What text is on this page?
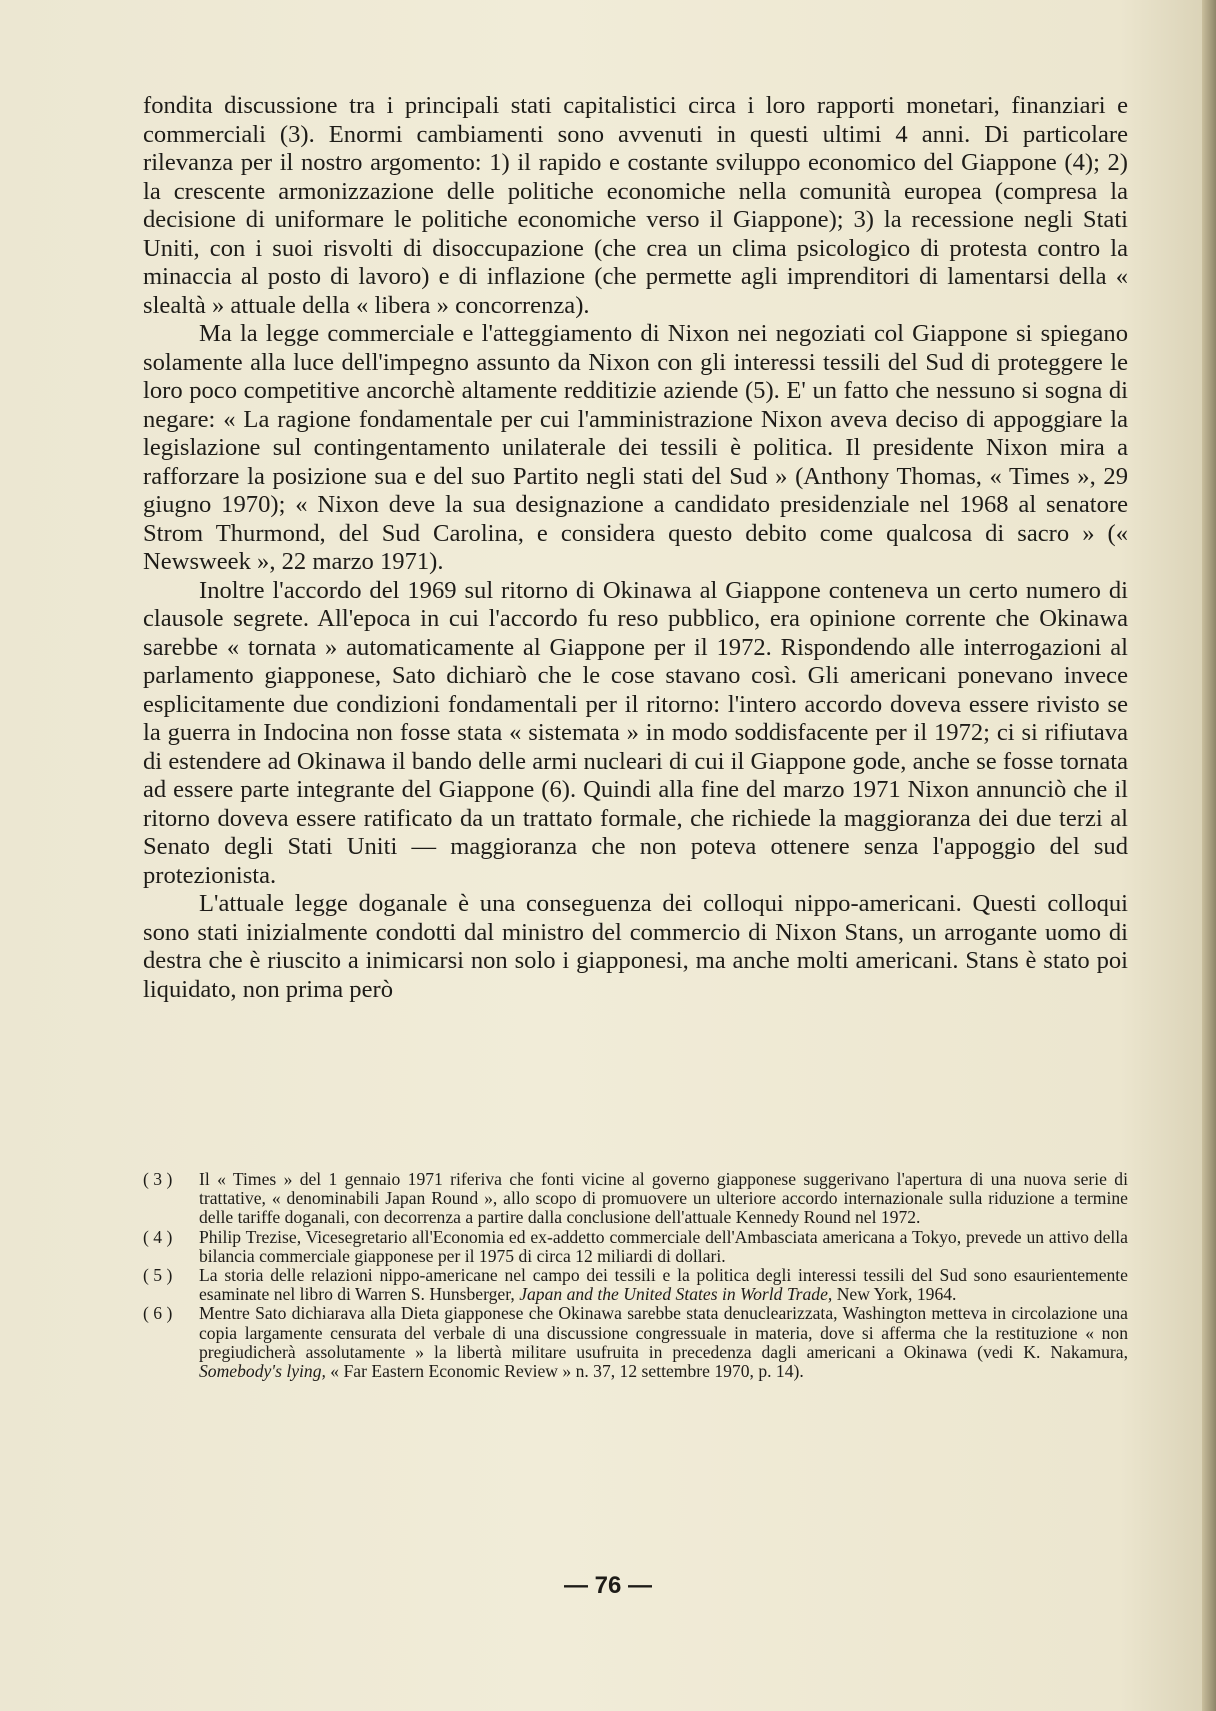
fondita discussione tra i principali stati capitalistici circa i loro rapporti monetari, finanziari e commerciali (3). Enormi cambiamenti sono avvenuti in questi ultimi 4 anni. Di particolare rilevanza per il nostro argomento: 1) il rapido e costante sviluppo economico del Giappone (4); 2) la crescente armonizzazione delle politiche economiche nella comunità europea (compresa la decisione di uniformare le politiche economiche verso il Giappone); 3) la recessione negli Stati Uniti, con i suoi risvolti di disoccupazione (che crea un clima psicologico di protesta contro la minaccia al posto di lavoro) e di inflazione (che permette agli imprenditori di lamentarsi della « slealtà » attuale della « libera » concorrenza).

Ma la legge commerciale e l'atteggiamento di Nixon nei negoziati col Giappone si spiegano solamente alla luce dell'impegno assunto da Nixon con gli interessi tessili del Sud di proteggere le loro poco competitive ancorchè altamente redditizie aziende (5). E' un fatto che nessuno si sogna di negare: « La ragione fondamentale per cui l'amministrazione Nixon aveva deciso di appoggiare la legislazione sul contingentamento unilaterale dei tessili è politica. Il presidente Nixon mira a rafforzare la posizione sua e del suo Partito negli stati del Sud » (Anthony Thomas, « Times », 29 giugno 1970); « Nixon deve la sua designazione a candidato presidenziale nel 1968 al senatore Strom Thurmond, del Sud Carolina, e considera questo debito come qualcosa di sacro » (« Newsweek », 22 marzo 1971).

Inoltre l'accordo del 1969 sul ritorno di Okinawa al Giappone conteneva un certo numero di clausole segrete. All'epoca in cui l'accordo fu reso pubblico, era opinione corrente che Okinawa sarebbe « tornata » automaticamente al Giappone per il 1972. Rispondendo alle interrogazioni al parlamento giapponese, Sato dichiarò che le cose stavano così. Gli americani ponevano invece esplicitamente due condizioni fondamentali per il ritorno: l'intero accordo doveva essere rivisto se la guerra in Indocina non fosse stata « sistemata » in modo soddisfacente per il 1972; ci si rifiutava di estendere ad Okinawa il bando delle armi nucleari di cui il Giappone gode, anche se fosse tornata ad essere parte integrante del Giappone (6). Quindi alla fine del marzo 1971 Nixon annunciò che il ritorno doveva essere ratificato da un trattato formale, che richiede la maggioranza dei due terzi al Senato degli Stati Uniti — maggioranza che non poteva ottenere senza l'appoggio del sud protezionista.

L'attuale legge doganale è una conseguenza dei colloqui nippo-americani. Questi colloqui sono stati inizialmente condotti dal ministro del commercio di Nixon Stans, un arrogante uomo di destra che è riuscito a inimicarsi non solo i giapponesi, ma anche molti americani. Stans è stato poi liquidato, non prima però

( 3 )	Il « Times » del 1 gennaio 1971 riferiva che fonti vicine al governo giapponese suggerivano l'apertura di una nuova serie di trattative, « denominabili Japan Round », allo scopo di promuovere un ulteriore accordo internazionale sulla riduzione a termine delle tariffe doganali, con decorrenza a partire dalla conclusione dell'attuale Kennedy Round nel 1972.
( 4 )	Philip Trezise, Vicesegretario all'Economia ed ex-addetto commerciale dell'Ambasciata americana a Tokyo, prevede un attivo della bilancia commerciale giapponese per il 1975 di circa 12 miliardi di dollari.
( 5 )	La storia delle relazioni nippo-americane nel campo dei tessili e la politica degli interessi tessili del Sud sono esaurientemente esaminate nel libro di Warren S. Hunsberger, Japan and the United States in World Trade, New York, 1964.
( 6 )	Mentre Sato dichiarava alla Dieta giapponese che Okinawa sarebbe stata denuclearizzata, Washington metteva in circolazione una copia largamente censurata del verbale di una discussione congressuale in materia, dove si afferma che la restituzione « non pregiudicherà assolutamente » la libertà militare usufruita in precedenza dagli americani a Okinawa (vedi K. Nakamura, Somebody's lying, « Far Eastern Economic Review » n. 37, 12 settembre 1970, p. 14).
— 76 —
